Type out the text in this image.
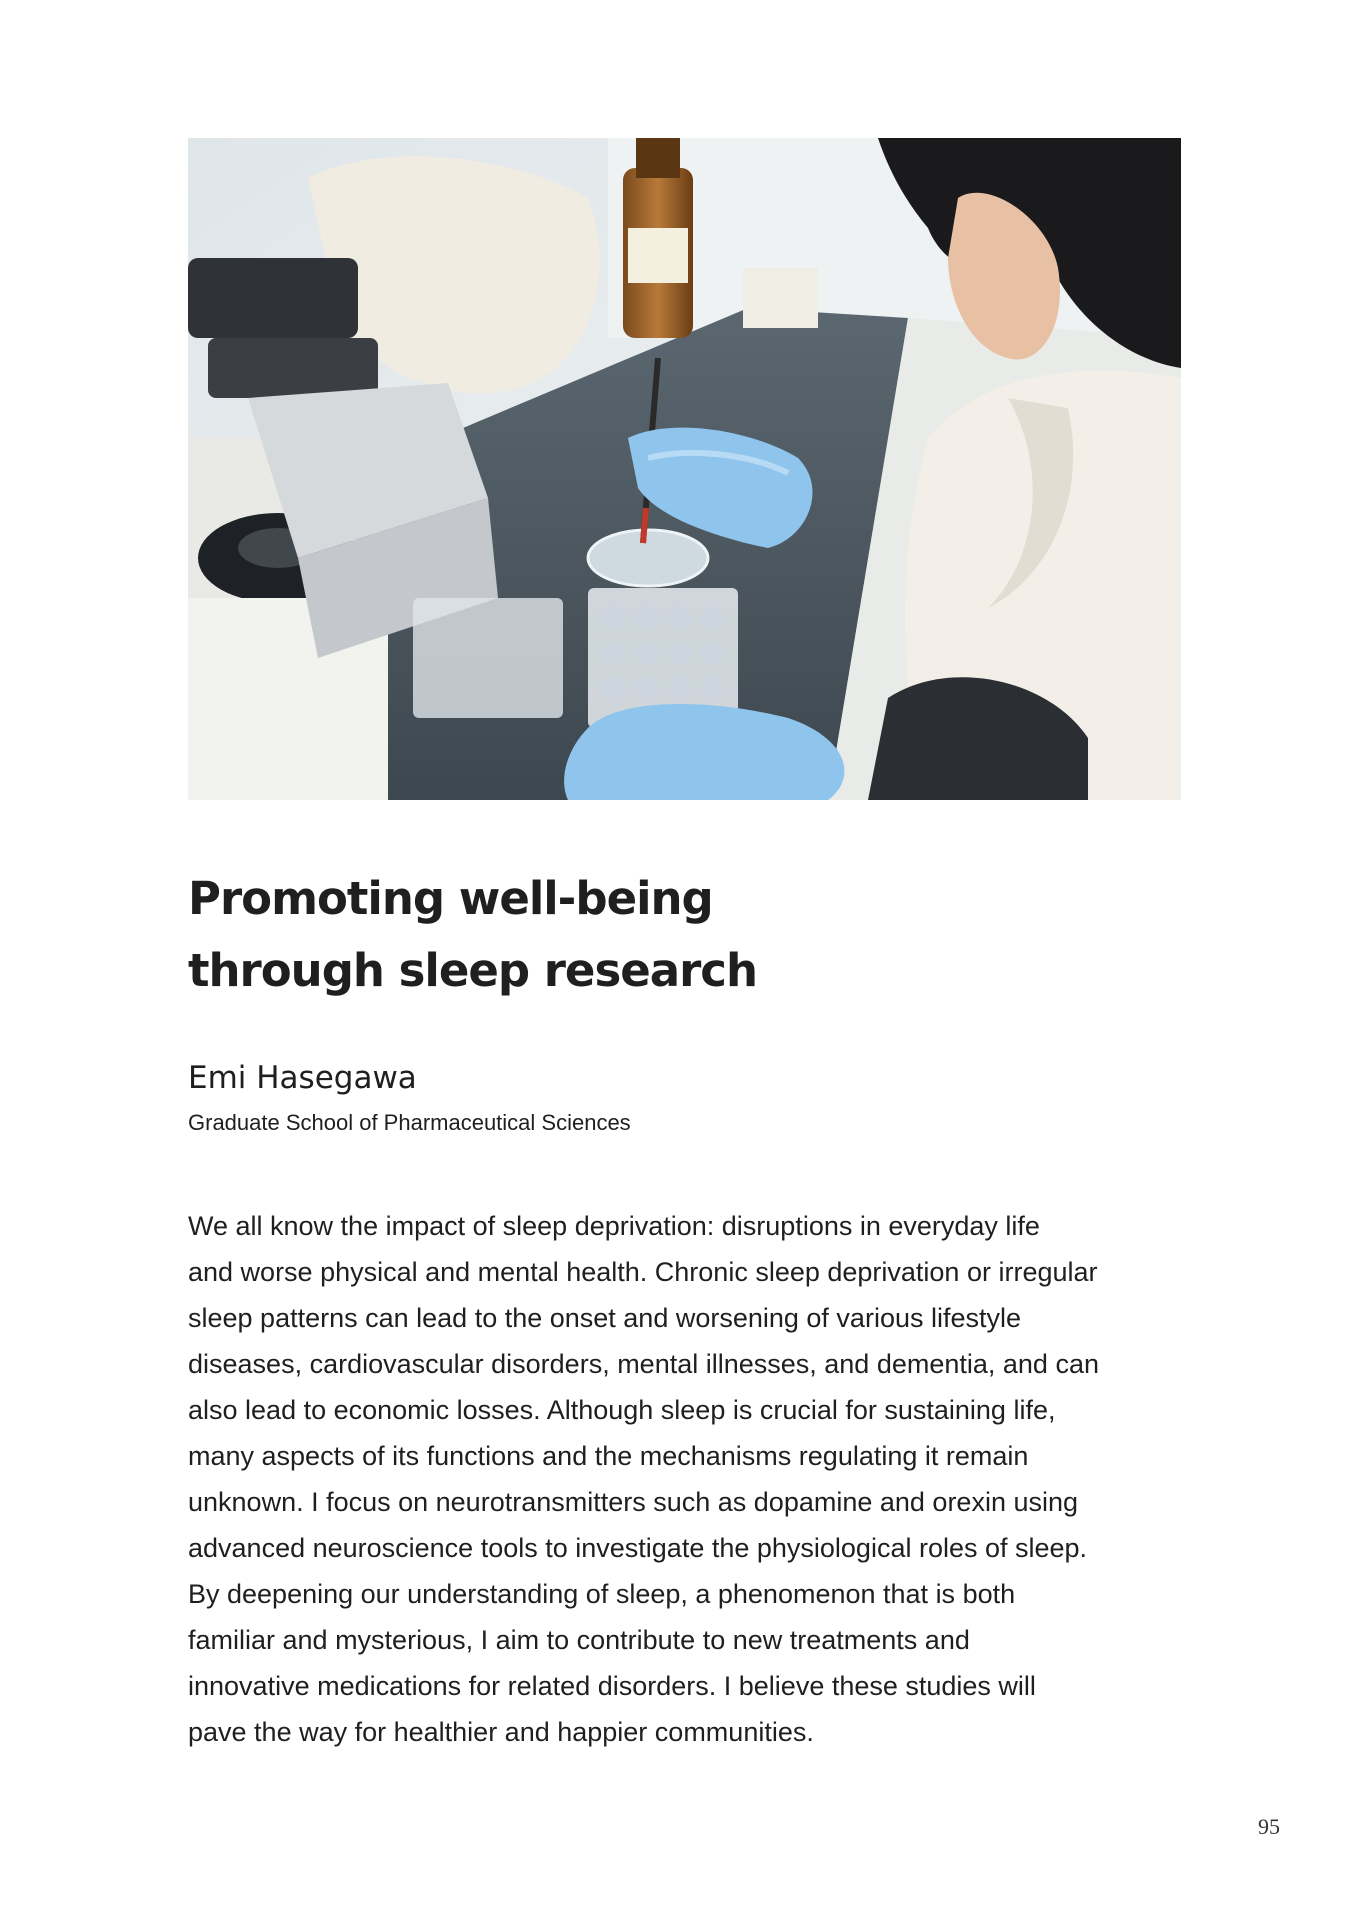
Promoting well-being
through sleep research

Emi Hasegawa

Graduate School of Pharmaceutical Sciences

We all know the impact of sleep deprivation: disruptions in everyday life
and worse physical and mental health. Chronic sleep deprivation or irregular
sleep patterns can lead to the onset and worsening of various lifestyle
diseases, cardiovascular disorders, mental illnesses, and dementia, and can
also lead to economic losses. Although sleep is crucial for sustaining life,
many aspects of its functions and the mechanisms regulating it remain
unknown. I focus on neurotransmitters such as dopamine and orexin using
advanced neuroscience tools to investigate the physiological roles of sleep.
By deepening our understanding of sleep, a phenomenon that is both
familiar and mysterious, I aim to contribute to new treatments and
innovative medications for related disorders. I believe these studies will
pave the way for healthier and happier communities.
95
